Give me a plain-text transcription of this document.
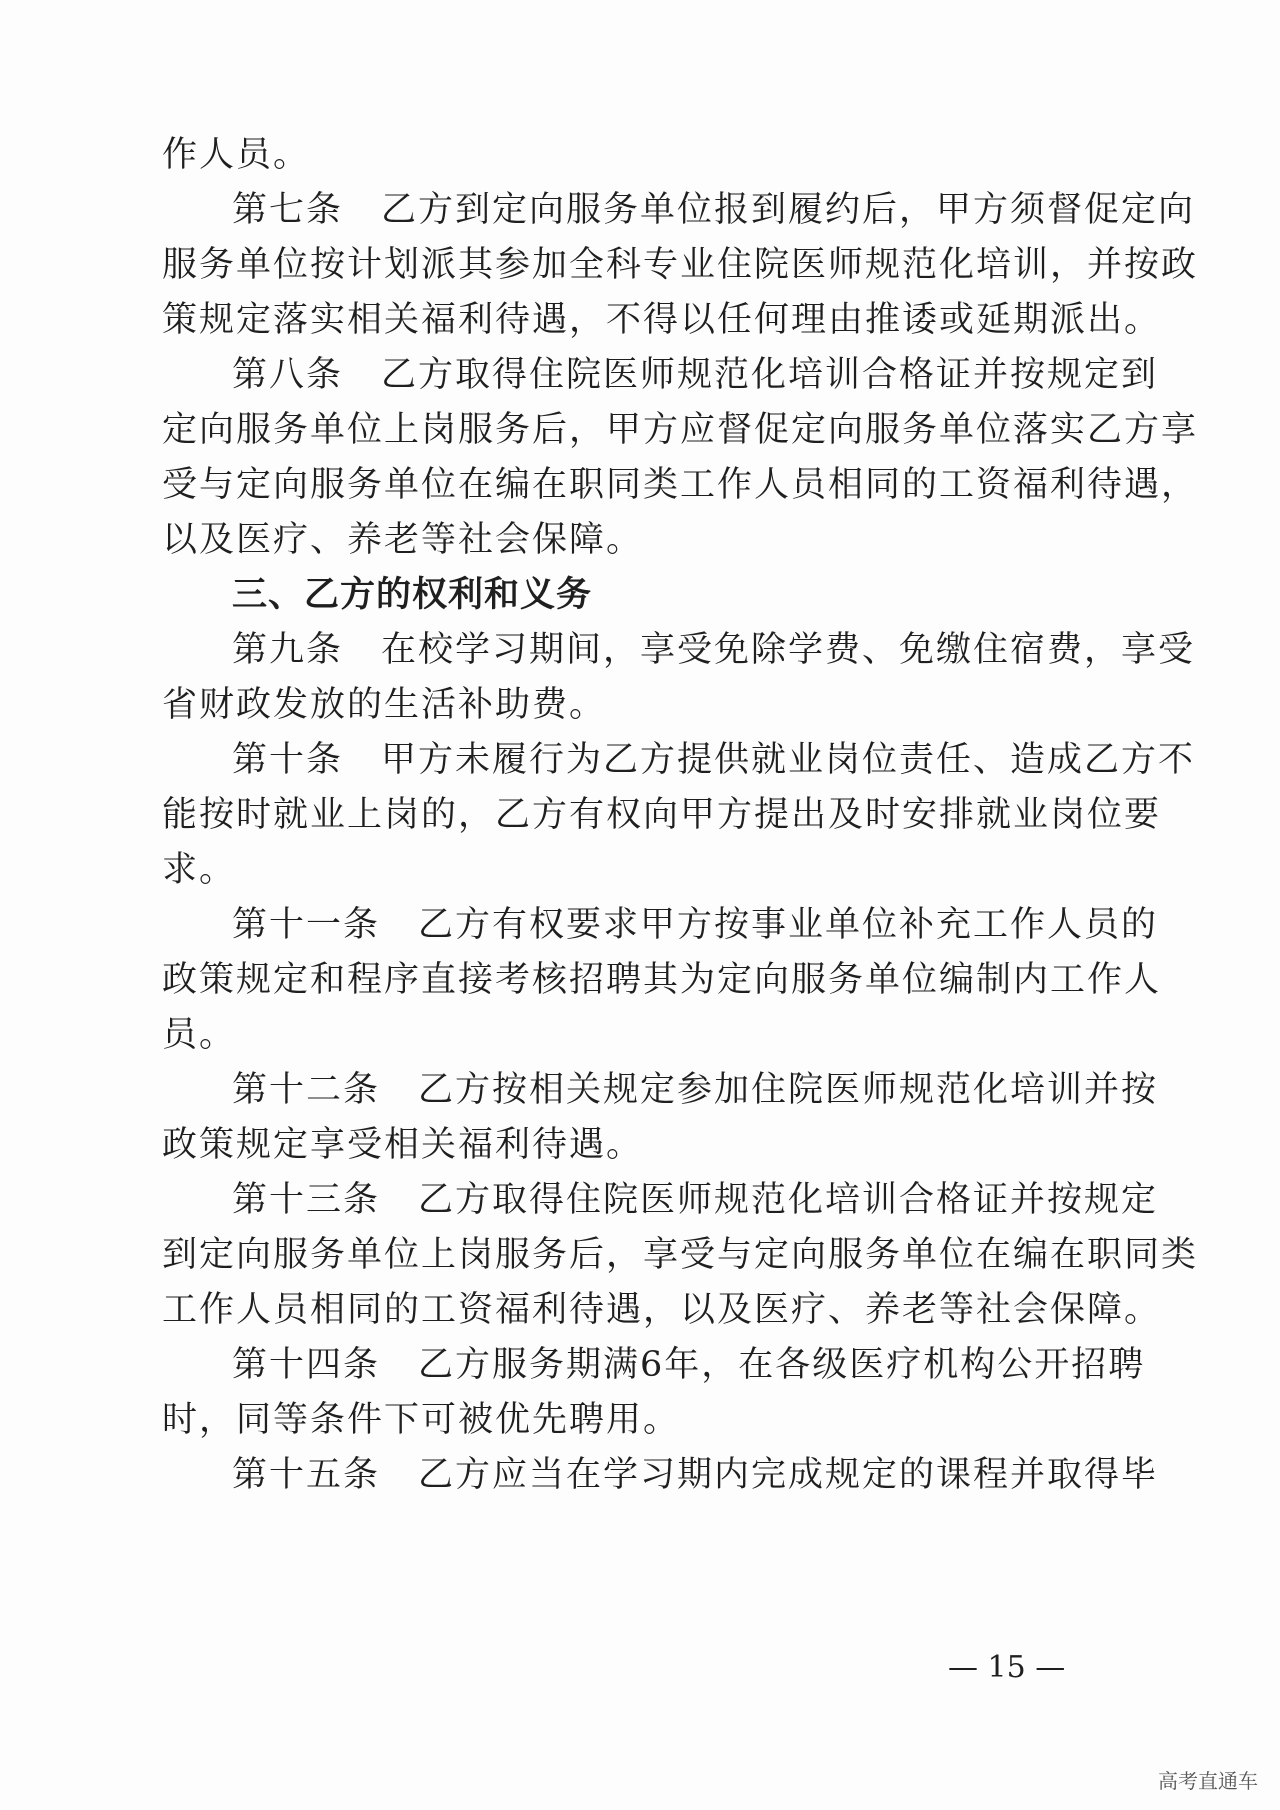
作人员。
第七条 乙方到定向服务单位报到履约后，甲方须督促定向
服务单位按计划派其参加全科专业住院医师规范化培训，并按政
策规定落实相关福利待遇，不得以任何理由推诿或延期派出。
第八条 乙方取得住院医师规范化培训合格证并按规定到
定向服务单位上岗服务后，甲方应督促定向服务单位落实乙方享
受与定向服务单位在编在职同类工作人员相同的工资福利待遇，
以及医疗、养老等社会保障。
三、乙方的权利和义务
第九条 在校学习期间，享受免除学费、免缴住宿费，享受
省财政发放的生活补助费。
第十条 甲方未履行为乙方提供就业岗位责任、造成乙方不
能按时就业上岗的，乙方有权向甲方提出及时安排就业岗位要
求。
第十一条 乙方有权要求甲方按事业单位补充工作人员的
政策规定和程序直接考核招聘其为定向服务单位编制内工作人
员。
第十二条 乙方按相关规定参加住院医师规范化培训并按
政策规定享受相关福利待遇。
第十三条 乙方取得住院医师规范化培训合格证并按规定
到定向服务单位上岗服务后，享受与定向服务单位在编在职同类
工作人员相同的工资福利待遇，以及医疗、养老等社会保障。
第十四条 乙方服务期满6年，在各级医疗机构公开招聘
时，同等条件下可被优先聘用。
第十五条 乙方应当在学习期内完成规定的课程并取得毕
— 15 —
高考直通车
